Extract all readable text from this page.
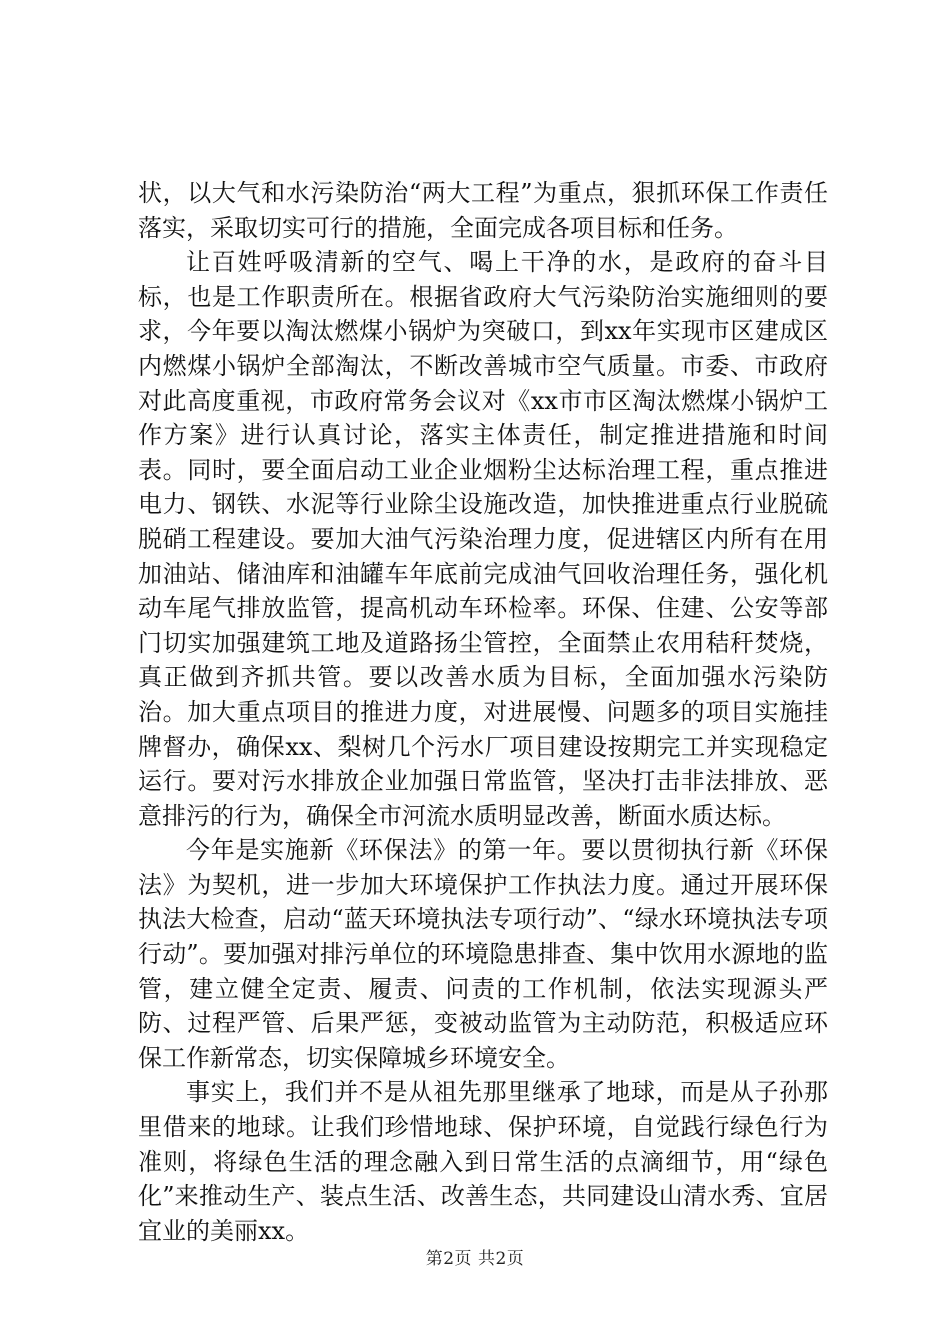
状，以大气和水污染防治“两大工程”为重点，狠抓环保工作责任落实，采取切实可行的措施，全面完成各项目标和任务。

让百姓呼吸清新的空气、喝上干净的水，是政府的奋斗目标，也是工作职责所在。根据省政府大气污染防治实施细则的要求，今年要以淘汰燃煤小锅炉为突破口，到xx年实现市区建成区内燃煤小锅炉全部淘汰，不断改善城市空气质量。市委、市政府对此高度重视，市政府常务会议对《xx市市区淘汰燃煤小锅炉工作方案》进行认真讨论，落实主体责任，制定推进措施和时间表。同时，要全面启动工业企业烟粉尘达标治理工程，重点推进电力、钢铁、水泥等行业除尘设施改造，加快推进重点行业脱硫脱硝工程建设。要加大油气污染治理力度，促进辖区内所有在用加油站、储油库和油罐车年底前完成油气回收治理任务，强化机动车尾气排放监管，提高机动车环检率。环保、住建、公安等部门切实加强建筑工地及道路扬尘管控，全面禁止农用秸秆焚烧，真正做到齐抓共管。要以改善水质为目标，全面加强水污染防治。加大重点项目的推进力度，对进展慢、问题多的项目实施挂牌督办，确保xx、梨树几个污水厂项目建设按期完工并实现稳定运行。要对污水排放企业加强日常监管，坚决打击非法排放、恶意排污的行为，确保全市河流水质明显改善，断面水质达标。

今年是实施新《环保法》的第一年。要以贯彻执行新《环保法》为契机，进一步加大环境保护工作执法力度。通过开展环保执法大检查，启动“蓝天环境执法专项行动”、“绿水环境执法专项行动”。要加强对排污单位的环境隐患排查、集中饮用水源地的监管，建立健全定责、履责、问责的工作机制，依法实现源头严防、过程严管、后果严惩，变被动监管为主动防范，积极适应环保工作新常态，切实保障城乡环境安全。

事实上，我们并不是从祖先那里继承了地球，而是从子孙那里借来的地球。让我们珍惜地球、保护环境，自觉践行绿色行为准则，将绿色生活的理念融入到日常生活的点滴细节，用“绿色化”来推动生产、装点生活、改善生态，共同建设山清水秀、宜居宜业的美丽xx。

第2页 共2页
